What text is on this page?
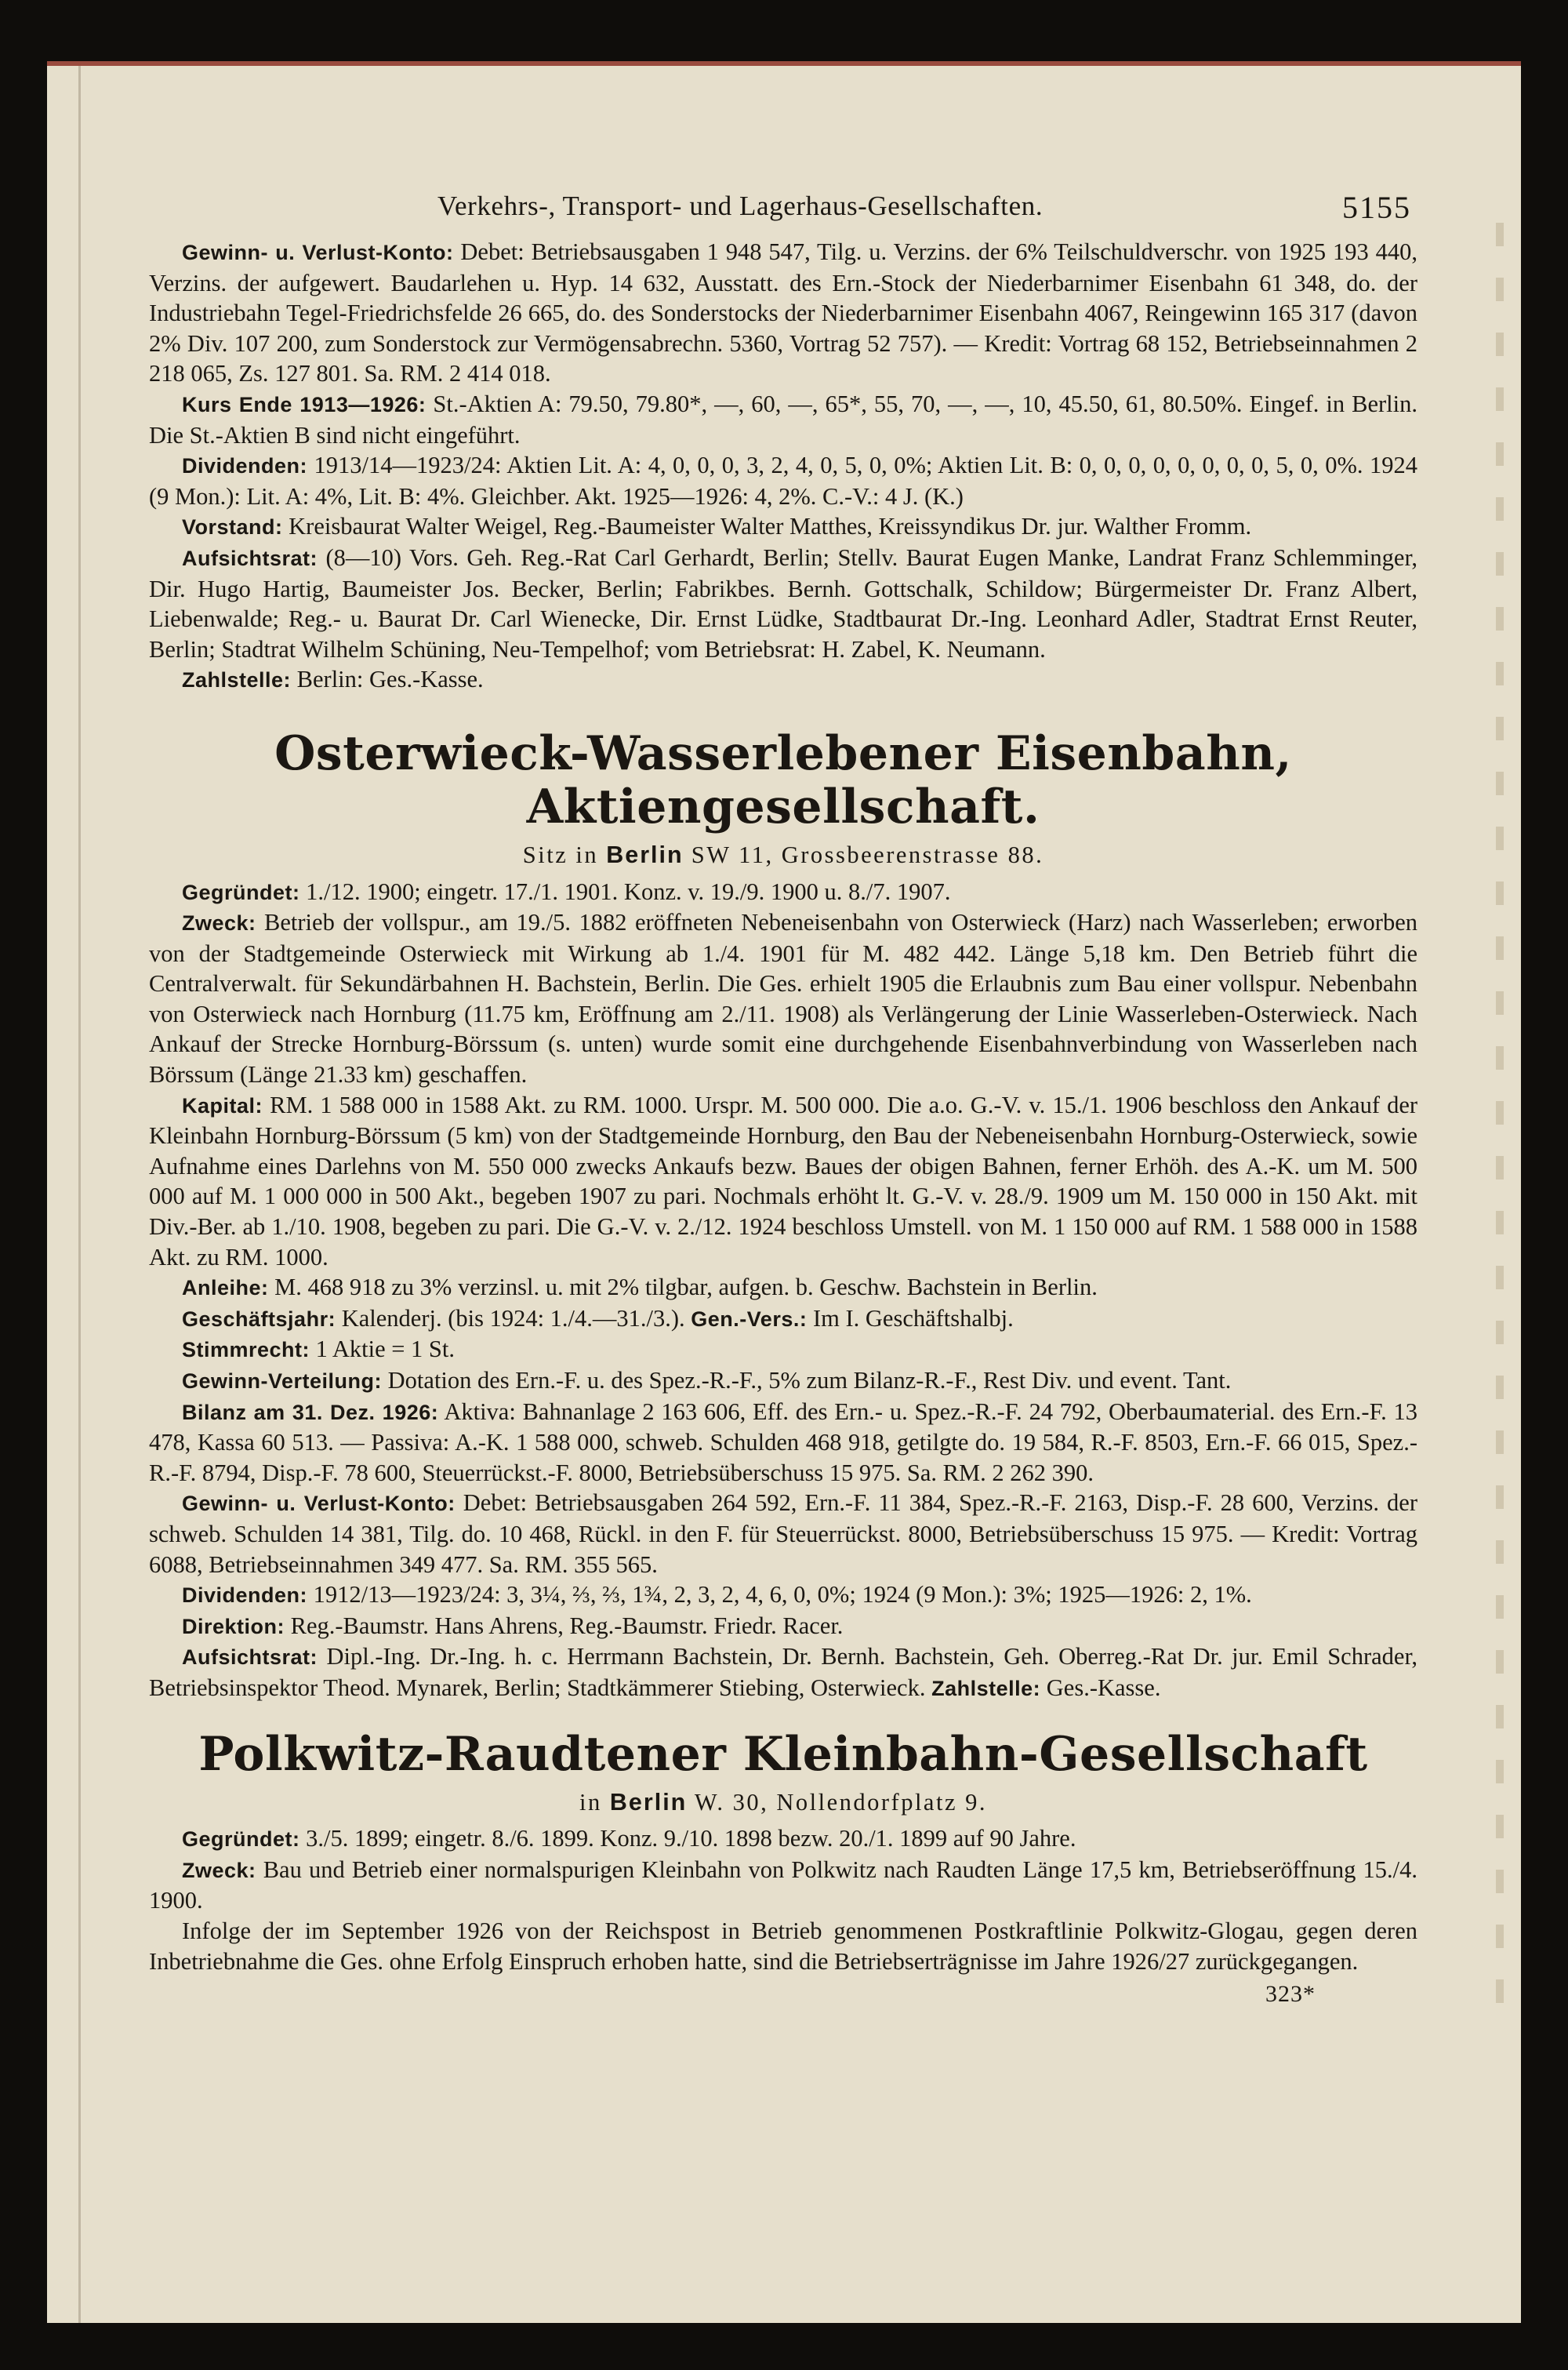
Verkehrs-, Transport- und Lagerhaus-Gesellschaften.	5155

Gewinn- u. Verlust-Konto: Debet: Betriebsausgaben 1 948 547, Tilg. u. Verzins. der 6% Teilschuldverschr. von 1925 193 440, Verzins. der aufgewert. Baudarlehen u. Hyp. 14 632, Ausstatt. des Ern.-Stock der Niederbarnimer Eisenbahn 61 348, do. der Industriebahn Tegel-Friedrichsfelde 26 665, do. des Sonderstocks der Niederbarnimer Eisenbahn 4067, Reingewinn 165 317 (davon 2% Div. 107 200, zum Sonderstock zur Vermögensabrechn. 5360, Vortrag 52 757). — Kredit: Vortrag 68 152, Betriebseinnahmen 2 218 065, Zs. 127 801. Sa. RM. 2 414 018.

Kurs Ende 1913—1926: St.-Aktien A: 79.50, 79.80*, —, 60, —, 65*, 55, 70, —, —, 10, 45.50, 61, 80.50%. Eingef. in Berlin. Die St.-Aktien B sind nicht eingeführt.

Dividenden: 1913/14—1923/24: Aktien Lit. A: 4, 0, 0, 0, 3, 2, 4, 0, 5, 0, 0%; Aktien Lit. B: 0, 0, 0, 0, 0, 0, 0, 0, 5, 0, 0%. 1924 (9 Mon.): Lit. A: 4%, Lit. B: 4%. Gleichber. Akt. 1925—1926: 4, 2%. C.-V.: 4 J. (K.)

Vorstand: Kreisbaurat Walter Weigel, Reg.-Baumeister Walter Matthes, Kreissyndikus Dr. jur. Walther Fromm.

Aufsichtsrat: (8—10) Vors. Geh. Reg.-Rat Carl Gerhardt, Berlin; Stellv. Baurat Eugen Manke, Landrat Franz Schlemminger, Dir. Hugo Hartig, Baumeister Jos. Becker, Berlin; Fabrikbes. Bernh. Gottschalk, Schildow; Bürgermeister Dr. Franz Albert, Liebenwalde; Reg.- u. Baurat Dr. Carl Wienecke, Dir. Ernst Lüdke, Stadtbaurat Dr.-Ing. Leonhard Adler, Stadtrat Ernst Reuter, Berlin; Stadtrat Wilhelm Schüning, Neu-Tempelhof; vom Betriebsrat: H. Zabel, K. Neumann.

Zahlstelle: Berlin: Ges.-Kasse.

Osterwieck-Wasserlebener Eisenbahn, Aktiengesellschaft.
Sitz in Berlin SW 11, Grossbeerenstrasse 88.

Gegründet: 1./12. 1900; eingetr. 17./1. 1901. Konz. v. 19./9. 1900 u. 8./7. 1907.

Zweck: Betrieb der vollspur., am 19./5. 1882 eröffneten Nebeneisenbahn von Osterwieck (Harz) nach Wasserleben; erworben von der Stadtgemeinde Osterwieck mit Wirkung ab 1./4. 1901 für M. 482 442. Länge 5,18 km. Den Betrieb führt die Centralverwalt. für Sekundärbahnen H. Bachstein, Berlin. Die Ges. erhielt 1905 die Erlaubnis zum Bau einer vollspur. Nebenbahn von Osterwieck nach Hornburg (11.75 km, Eröffnung am 2./11. 1908) als Verlängerung der Linie Wasserleben-Osterwieck. Nach Ankauf der Strecke Hornburg-Börssum (s. unten) wurde somit eine durchgehende Eisenbahnverbindung von Wasserleben nach Börssum (Länge 21.33 km) geschaffen.

Kapital: RM. 1 588 000 in 1588 Akt. zu RM. 1000. Urspr. M. 500 000. Die a.o. G.-V. v. 15./1. 1906 beschloss den Ankauf der Kleinbahn Hornburg-Börssum (5 km) von der Stadtgemeinde Hornburg, den Bau der Nebeneisenbahn Hornburg-Osterwieck, sowie Aufnahme eines Darlehns von M. 550 000 zwecks Ankaufs bezw. Baues der obigen Bahnen, ferner Erhöh. des A.-K. um M. 500 000 auf M. 1 000 000 in 500 Akt., begeben 1907 zu pari. Nochmals erhöht lt. G.-V. v. 28./9. 1909 um M. 150 000 in 150 Akt. mit Div.-Ber. ab 1./10. 1908, begeben zu pari. Die G.-V. v. 2./12. 1924 beschloss Umstell. von M. 1 150 000 auf RM. 1 588 000 in 1588 Akt. zu RM. 1000.

Anleihe: M. 468 918 zu 3% verzinsl. u. mit 2% tilgbar, aufgen. b. Geschw. Bachstein in Berlin.

Geschäftsjahr: Kalenderj. (bis 1924: 1./4.—31./3.). Gen.-Vers.: Im I. Geschäftshalbj.

Stimmrecht: 1 Aktie = 1 St.

Gewinn-Verteilung: Dotation des Ern.-F. u. des Spez.-R.-F., 5% zum Bilanz-R.-F., Rest Div. und event. Tant.

Bilanz am 31. Dez. 1926: Aktiva: Bahnanlage 2 163 606, Eff. des Ern.- u. Spez.-R.-F. 24 792, Oberbaumaterial. des Ern.-F. 13 478, Kassa 60 513. — Passiva: A.-K. 1 588 000, schweb. Schulden 468 918, getilgte do. 19 584, R.-F. 8503, Ern.-F. 66 015, Spez.-R.-F. 8794, Disp.-F. 78 600, Steuerrückst.-F. 8000, Betriebsüberschuss 15 975. Sa. RM. 2 262 390.

Gewinn- u. Verlust-Konto: Debet: Betriebsausgaben 264 592, Ern.-F. 11 384, Spez.-R.-F. 2163, Disp.-F. 28 600, Verzins. der schweb. Schulden 14 381, Tilg. do. 10 468, Rückl. in den F. für Steuerrückst. 8000, Betriebsüberschuss 15 975. — Kredit: Vortrag 6088, Betriebseinnahmen 349 477. Sa. RM. 355 565.

Dividenden: 1912/13—1923/24: 3, 3¼, ⅔, ⅔, 1¾, 2, 3, 2, 4, 6, 0, 0%; 1924 (9 Mon.): 3%; 1925—1926: 2, 1%.

Direktion: Reg.-Baumstr. Hans Ahrens, Reg.-Baumstr. Friedr. Racer.

Aufsichtsrat: Dipl.-Ing. Dr.-Ing. h. c. Herrmann Bachstein, Dr. Bernh. Bachstein, Geh. Oberreg.-Rat Dr. jur. Emil Schrader, Betriebsinspektor Theod. Mynarek, Berlin; Stadtkämmerer Stiebing, Osterwieck. Zahlstelle: Ges.-Kasse.

Polkwitz-Raudtener Kleinbahn-Gesellschaft
in Berlin W. 30, Nollendorfplatz 9.

Gegründet: 3./5. 1899; eingetr. 8./6. 1899. Konz. 9./10. 1898 bezw. 20./1. 1899 auf 90 Jahre.

Zweck: Bau und Betrieb einer normalspurigen Kleinbahn von Polkwitz nach Raudten Länge 17,5 km, Betriebseröffnung 15./4. 1900.

Infolge der im September 1926 von der Reichspost in Betrieb genommenen Postkraftlinie Polkwitz-Glogau, gegen deren Inbetriebnahme die Ges. ohne Erfolg Einspruch erhoben hatte, sind die Betriebserträgnisse im Jahre 1926/27 zurückgegangen.

323*
